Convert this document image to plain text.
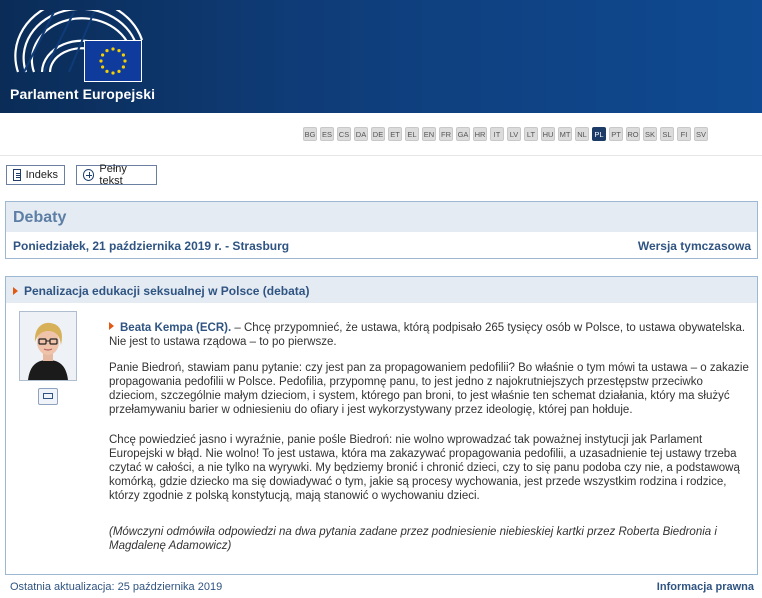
Parlament Europejski
BG ES CS DA DE ET	EL EN FR GA HR	IT	LV	LT HU MT NL	PL	PT RO SK SL	FI	SV
Indeks	Pełny tekst
Debaty
Poniedziałek, 21 października 2019 r. - Strasburg	Wersja tymczasowa
Penalizacja edukacji seksualnej w Polsce (debata)
Beata Kempa (ECR). – Chcę przypomnieć, że ustawa, którą podpisało 265 tysięcy osób w Polsce, to ustawa obywatelska. Nie jest to ustawa rządowa – to po pierwsze.
Panie Biedroń, stawiam panu pytanie: czy jest pan za propagowaniem pedofilii? Bo właśnie o tym mówi ta ustawa – o zakazie propagowania pedofilii w Polsce. Pedofilia, przypomnę panu, to jest jedno z najokrutniejszych przestępstw przeciwko dzieciom, szczególnie małym dzieciom, i system, którego pan broni, to jest właśnie ten schemat działania, który ma służyć przełamywaniu barier w odniesieniu do ofiary i jest wykorzystywany przez ideologię, której pan hołduje.
Chcę powiedzieć jasno i wyraźnie, panie pośle Biedroń: nie wolno wprowadzać tak poważnej instytucji jak Parlament Europejski w błąd. Nie wolno! To jest ustawa, która ma zakazywać propagowania pedofilii, a uzasadnienie tej ustawy trzeba czytać w całości, a nie tylko na wyrywki. My będziemy bronić i chronić dzieci, czy to się panu podoba czy nie, a podstawową komórką, gdzie dziecko ma się dowiadywać o tym, jakie są procesy wychowania, jest przede wszystkim rodzina i rodzice, którzy zgodnie z polską konstytucją, mają stanowić o wychowaniu dzieci.
(Mówczyni odmówiła odpowiedzi na dwa pytania zadane przez podniesienie niebieskiej kartki przez Roberta Biedronia i Magdalenę Adamowicz)
Ostatnia aktualizacja: 25 października 2019	Informacja prawna
